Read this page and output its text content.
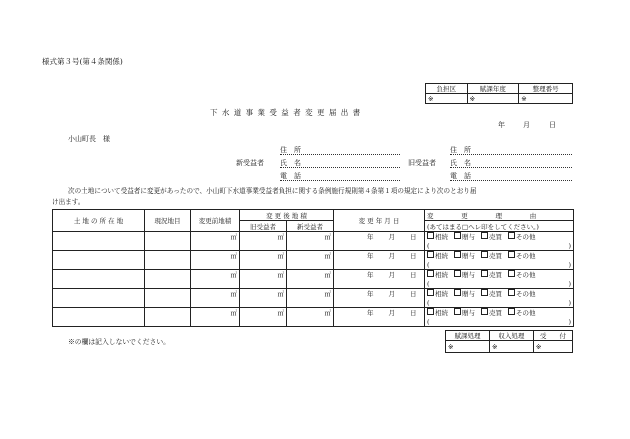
様式第３号(第４条関係)
負担区	賦課年度	整理番号
※	※	※
下 水 道 事 業 受 益 者 変 更 届 出 書
年	月	日
小山町長　様
住　所
新受益者 氏　名
電　話
住　所
旧受益者 氏　名
電　話
次の土地について受益者に変更があったので、小山町下水道事業受益者負担に関する条例施行規則第４条第１項の規定により次のとおり届
け出ます。
土 地 の 所 在 地	現況地目	変更前地積	変 更 後 地 積		変 更 年 月 日	変 　 　 　 更 　 　 　 理 　 　 　 由
			旧受益者	新受益者		(あてはまる□へレ印をしてください。)
		㎡	㎡	㎡	年 月 日	相続 贈与 売買 その他
( )

		㎡	㎡	㎡	年 月 日	相続 贈与 売買 その他
( )

		㎡	㎡	㎡	年 月 日	相続 贈与 売買 その他
( )

		㎡	㎡	㎡	年 月 日	相続 贈与 売買 その他
( )

		㎡	㎡	㎡	年 月 日	相続 贈与 売買 その他
( )
※の欄は記入しないでください。
賦課処理	収入処理	受　　付
※	※	※
